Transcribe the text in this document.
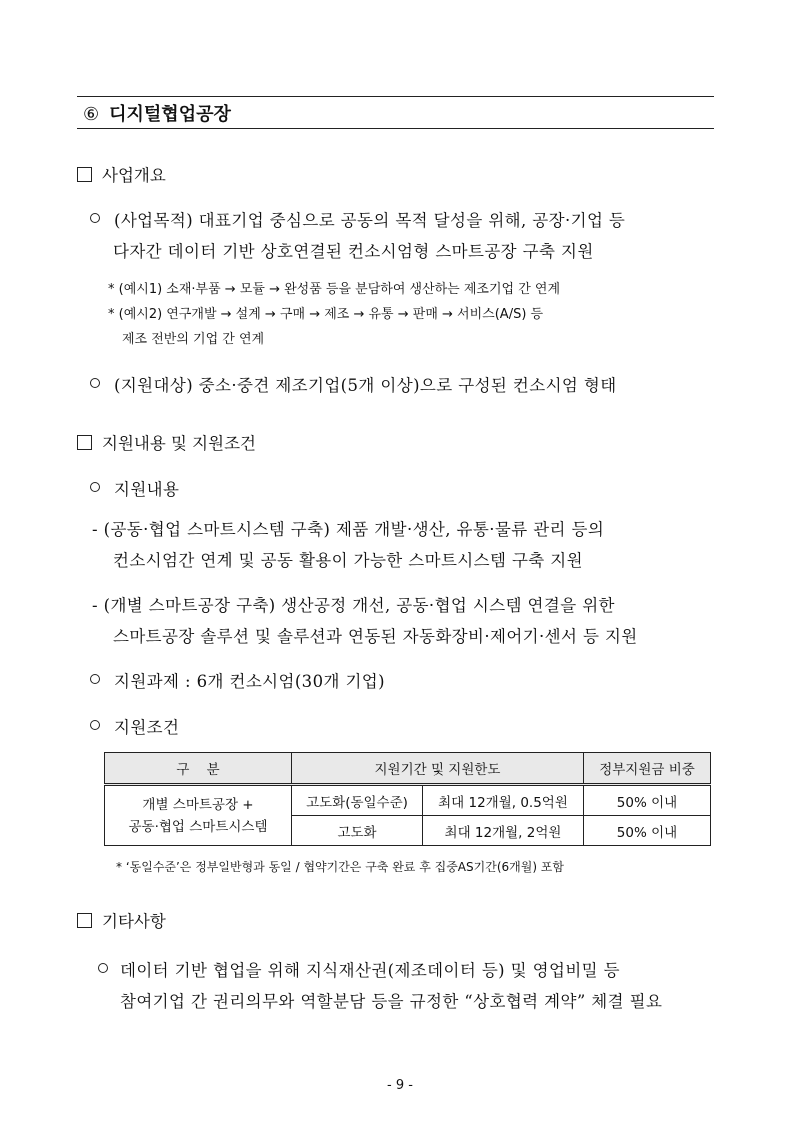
⑥ 디지털협업공장
사업개요
(사업목적) 대표기업 중심으로 공동의 목적 달성을 위해, 공장·기업 등
다자간 데이터 기반 상호연결된 컨소시엄형 스마트공장 구축 지원
* (예시1) 소재·부품 → 모듈 → 완성품 등을 분담하여 생산하는 제조기업 간 연계
* (예시2) 연구개발 → 설계 → 구매 → 제조 → 유통 → 판매 → 서비스(A/S) 등
제조 전반의 기업 간 연계
(지원대상) 중소·중견 제조기업(5개 이상)으로 구성된 컨소시엄 형태
지원내용 및 지원조건
지원내용
- (공동·협업 스마트시스템 구축) 제품 개발·생산, 유통·물류 관리 등의
컨소시엄간 연계 및 공동 활용이 가능한 스마트시스템 구축 지원
- (개별 스마트공장 구축) 생산공정 개선, 공동·협업 시스템 연결을 위한
스마트공장 솔루션 및 솔루션과 연동된 자동화장비·제어기·센서 등 지원
지원과제 : 6개 컨소시엄(30개 기업)
지원조건
구    분	지원기간 및 지원한도		정부지원금 비중

개별 스마트공장 +
공동·협업 스마트시스템	고도화(동일수준)	최대 12개월, 0.5억원	50% 이내
	고도화	최대 12개월, 2억원	50% 이내
* ‘동일수준’은 정부일반형과 동일 / 협약기간은 구축 완료 후 집중AS기간(6개월) 포함
기타사항
데이터 기반 협업을 위해 지식재산권(제조데이터 등) 및 영업비밀 등
참여기업 간 권리의무와 역할분담 등을 규정한 “상호협력 계약” 체결 필요
- 9 -
